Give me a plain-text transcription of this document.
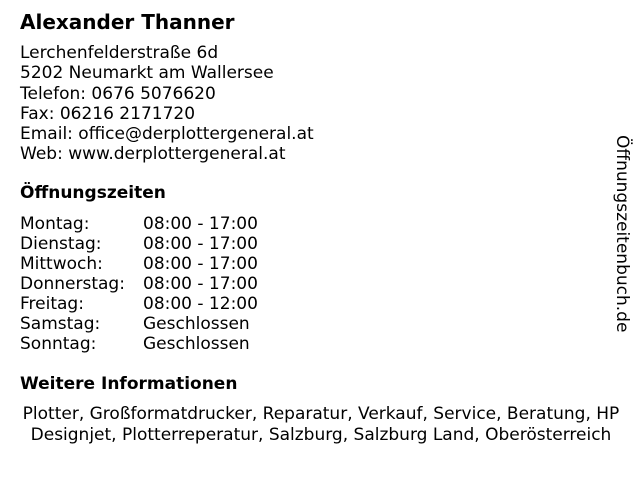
Alexander Thanner
Lerchenfelderstraße 6d
5202 Neumarkt am Wallersee
Telefon: 0676 5076620
Fax: 06216 2171720
Email: office@derplottergeneral.at
Web: www.derplottergeneral.at
Öffnungszeiten
Montag:	08:00 - 17:00
Dienstag:	08:00 - 17:00
Mittwoch:	08:00 - 17:00
Donnerstag:	08:00 - 17:00
Freitag:	08:00 - 12:00
Samstag:	Geschlossen
Sonntag:	Geschlossen
Weitere Informationen
Plotter, Großformatdrucker, Reparatur, Verkauf, Service, Beratung, HP Designjet, Plotterreperatur, Salzburg, Salzburg Land, Oberösterreich
Öffnungszeitenbuch.de
